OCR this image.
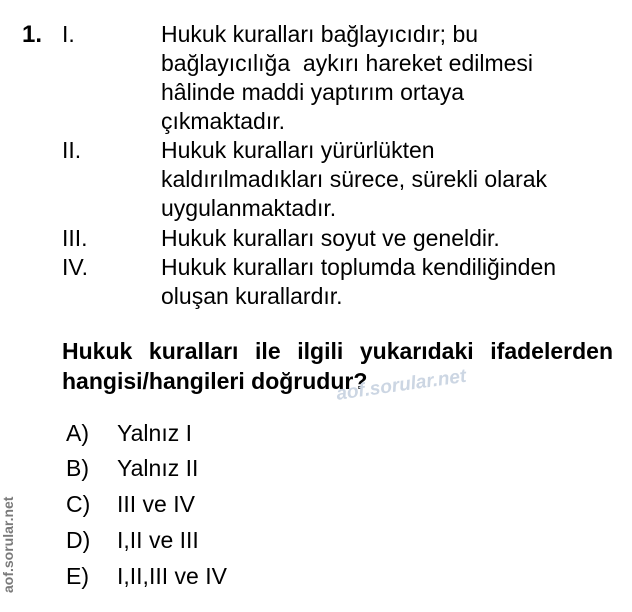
1. I.	Hukuk kuralları bağlayıcıdır; bu
bağlayıcılığa  aykırı hareket edilmesi
hâlinde maddi yaptırım ortaya
çıkmaktadır.
II.	Hukuk kuralları yürürlükten
kaldırılmadıkları sürece, sürekli olarak
uygulanmaktadır.
III.	Hukuk kuralları soyut ve geneldir.
IV.	Hukuk kuralları toplumda kendiliğinden
oluşan kurallardır.
Hukuk kuralları ile ilgili yukarıdaki ifadelerden hangisi/hangileri doğrudur?
aof.sorular.net
A) Yalnız I
B) Yalnız II
C) III ve IV
D) I,II ve III
E) I,II,III ve IV
aof.sorular.net
